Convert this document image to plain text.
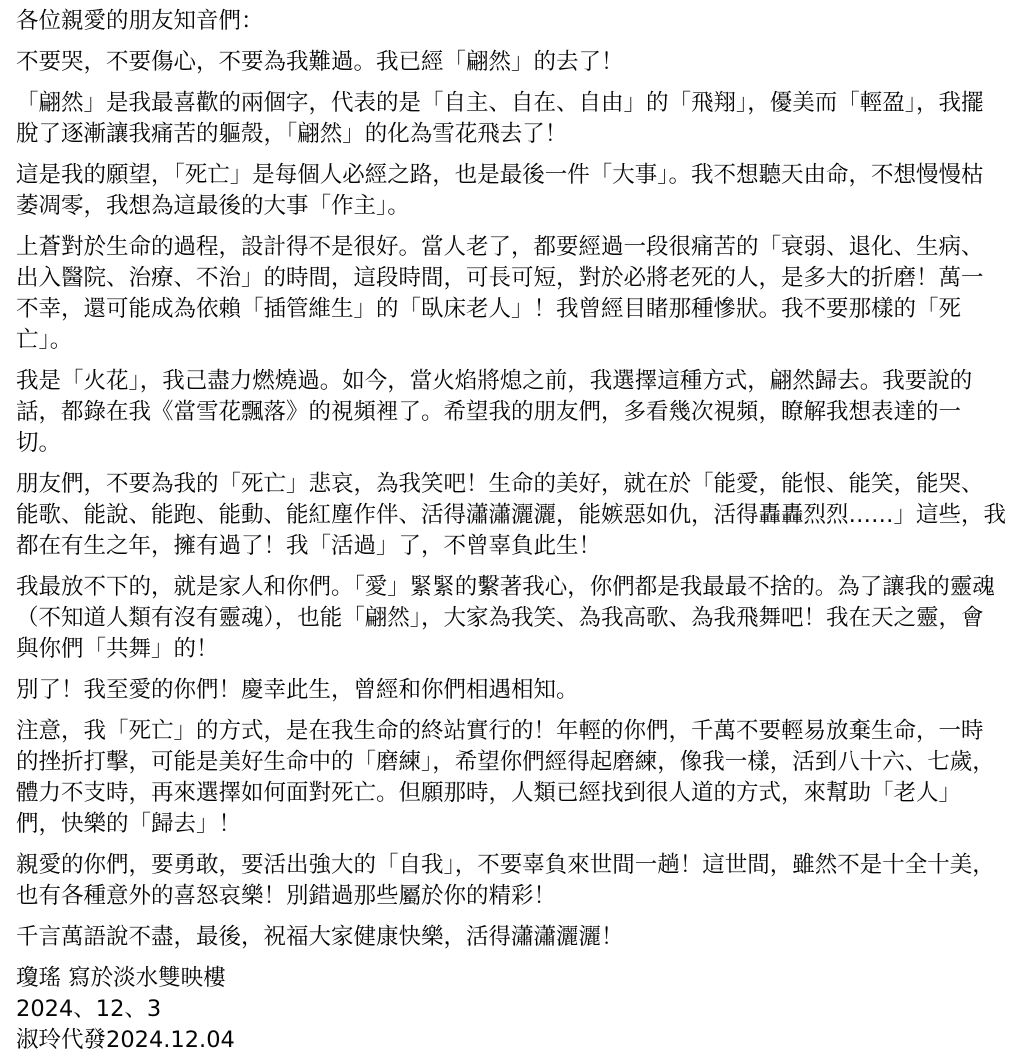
各位親愛的朋友知音們：
不要哭，不要傷心，不要為我難過。我已經「翩然」的去了！
「翩然」是我最喜歡的兩個字，代表的是「自主、自在、自由」的「飛翔」，優美而「輕盈」，我擺
脫了逐漸讓我痛苦的軀殼，「翩然」的化為雪花飛去了！
這是我的願望，「死亡」是每個人必經之路，也是最後一件「大事」。我不想聽天由命，不想慢慢枯
萎凋零，我想為這最後的大事「作主」。
上蒼對於生命的過程，設計得不是很好。當人老了，都要經過一段很痛苦的「衰弱、退化、生病、
出入醫院、治療、不治」的時間，這段時間，可長可短，對於必將老死的人，是多大的折磨！萬一
不幸，還可能成為依賴「插管維生」的「臥床老人」！我曾經目睹那種慘狀。我不要那樣的「死
亡」。
我是「火花」，我己盡力燃燒過。如今，當火焰將熄之前，我選擇這種方式，翩然歸去。我要說的
話，都錄在我《當雪花飄落》的視頻裡了。希望我的朋友們，多看幾次視頻，瞭解我想表達的一
切。
朋友們，不要為我的「死亡」悲哀，為我笑吧！生命的美好，就在於「能愛，能恨、能笑，能哭、
能歌、能說、能跑、能動、能紅塵作伴、活得瀟瀟灑灑，能嫉惡如仇，活得轟轟烈烈……」這些，我
都在有生之年，擁有過了！我「活過」了，不曾辜負此生！
我最放不下的，就是家人和你們。「愛」緊緊的繫著我心，你們都是我最最不捨的。為了讓我的靈魂
（不知道人類有沒有靈魂），也能「翩然」，大家為我笑、為我高歌、為我飛舞吧！我在天之靈，會
與你們「共舞」的！
別了！我至愛的你們！慶幸此生，曾經和你們相遇相知。
注意，我「死亡」的方式，是在我生命的終站實行的！年輕的你們，千萬不要輕易放棄生命，一時
的挫折打擊，可能是美好生命中的「磨練」，希望你們經得起磨練，像我一樣，活到八十六、七歲，
體力不支時，再來選擇如何面對死亡。但願那時，人類已經找到很人道的方式，來幫助「老人」
們，快樂的「歸去」！
親愛的你們，要勇敢，要活出強大的「自我」，不要辜負來世間一趟！這世間，雖然不是十全十美，
也有各種意外的喜怒哀樂！別錯過那些屬於你的精彩！
千言萬語說不盡，最後，祝福大家健康快樂，活得瀟瀟灑灑！
瓊瑤 寫於淡水雙映樓
2024、12、3
淑玲代發2024.12.04
